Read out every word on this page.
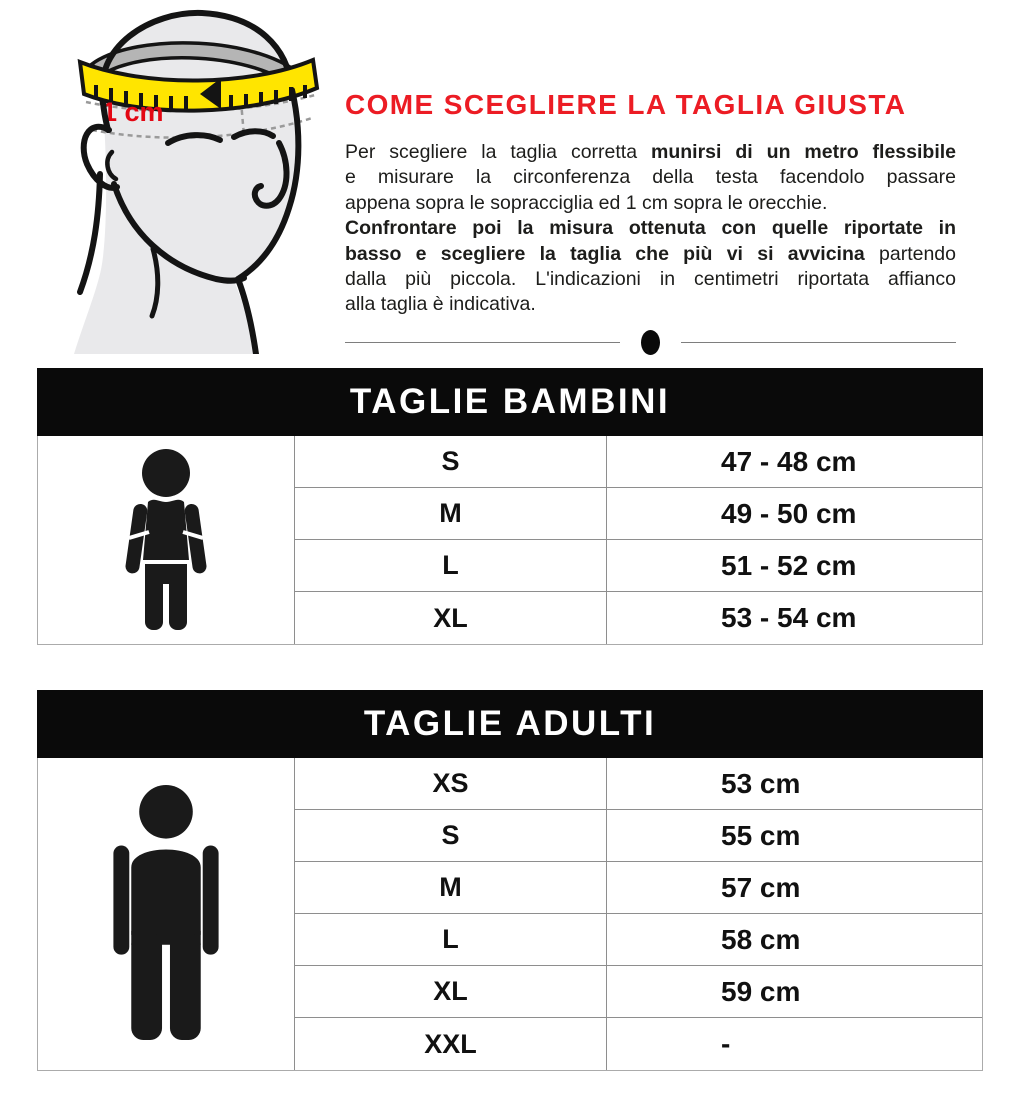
1 cm	COME SCEGLIERE LA TAGLIA GIUSTA
Per scegliere la taglia corretta munirsi di un metro flessibile
e misurare la circonferenza della testa facendolo passare
appena sopra le sopracciglia ed 1 cm sopra le orecchie.
Confrontare poi la misura ottenuta con quelle riportate in
basso e scegliere la taglia che più vi si avvicina partendo
dalla più piccola. L'indicazioni in centimetri riportata affianco
alla taglia è indicativa.
TAGLIE BAMBINI
S	47 - 48 cm
M	49 - 50 cm
L	51 - 52 cm
XL	53 - 54 cm
TAGLIE ADULTI
XS	53 cm
S	55 cm
M	57 cm
L	58 cm
XL	59 cm
XXL	-
